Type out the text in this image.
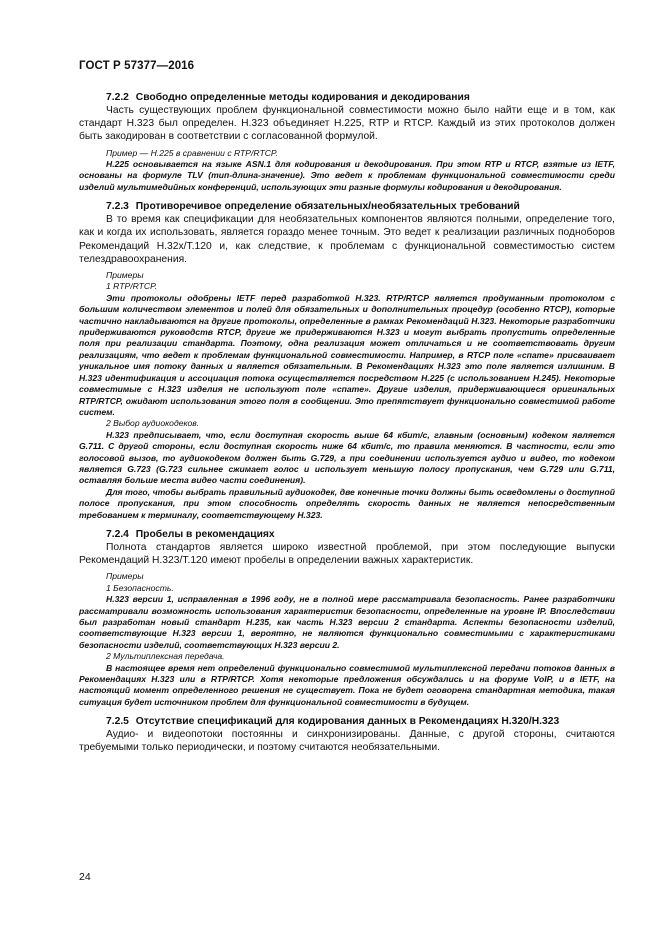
ГОСТ Р 57377—2016
7.2.2 Свободно определенные методы кодирования и декодирования

Часть существующих проблем функциональной совместимости можно было найти еще и в том, как стандарт H.323 был определен. H.323 объединяет H.225, RTP и RTCP. Каждый из этих протоколов должен быть закодирован в соответствии с согласованной формулой.

Пример — H.225 в сравнении с RTP/RTCP.

H.225 основывается на языке ASN.1 для кодирования и декодирования. При этом RTP и RTCP, взятые из IETF, основаны на формуле TLV (тип-длина-значение). Это ведет к проблемам функциональной совместимости среди изделий мультимедийных конференций, использующих эти разные формулы кодирования и декодирования.

7.2.3 Противоречивое определение обязательных/необязательных требований

В то время как спецификации для необязательных компонентов являются полными, определение того, как и когда их использовать, является гораздо менее точным. Это ведет к реализации различных подноборов Рекомендаций H.32x/T.120 и, как следствие, к проблемам с функциональной совместимостью систем телездравоохранения.

Примеры

1 RTP/RTCP.

Эти протоколы одобрены IETF перед разработкой H.323. RTP/RTCP является продуманным протоколом с большим количеством элементов и полей для обязательных и дополнительных процедур (особенно RTCP), которые частично накладываются на другие протоколы, определенные в рамках Рекомендаций H.323. Некоторые разработчики придерживаются руководств RTCP, другие же придерживаются H.323 и могут выбрать пропустить определенные поля при реализации стандарта. Поэтому, одна реализация может отличаться и не соответствовать другим реализациям, что ведет к проблемам функциональной совместимости. Например, в RTCP поле «спате» присваивает уникальное имя потоку данных и является обязательным. В Рекомендациях H.323 это поле является излишним. В H.323 идентификация и ассоциация потока осуществляется посредством H.225 (с использованием H.245). Некоторые совместимые с H.323 изделия не используют поле «спате». Другие изделия, придерживающиеся оригинальных RTP/RTCP, ожидают использования этого поля в сообщении. Это препятствует функционально совместимой работе систем.

2 Выбор аудиокодеков.

H.323 предписывает, что, если доступная скорость выше 64 кбит/с, главным (основным) кодеком является G.711. С другой стороны, если доступная скорость ниже 64 кбит/с, то правила меняются. В частности, если это голосовой вызов, то аудиокодеком должен быть G.729, а при соединении используется аудио и видео, то кодеком является G.723 (G.723 сильнее сжимает голос и использует меньшую полосу пропускания, чем G.729 или G.711, оставляя больше места видео части соединения).

Для того, чтобы выбрать правильный аудиокодек, две конечные точки должны быть осведомлены о доступной полосе пропускания, при этом способность определять скорость данных не является непосредственным требованием к терминалу, соответствующему H.323.

7.2.4 Пробелы в рекомендациях

Полнота стандартов является широко известной проблемой, при этом последующие выпуски Рекомендаций H.323/T.120 имеют пробелы в определении важных характеристик.

Примеры

1 Безопасность.

H.323 версии 1, исправленная в 1996 году, не в полной мере рассматривала безопасность. Ранее разработчики рассматривали возможность использования характеристик безопасности, определенные на уровне IP. Впоследствии был разработан новый стандарт H.235, как часть H.323 версии 2 стандарта. Аспекты безопасности изделий, соответствующие H.323 версии 1, вероятно, не являются функционально совместимыми с характеристиками безопасности изделий, соответствующих H.323 версии 2.

2 Мультиплексная передача.

В настоящее время нет определений функционально совместимой мультиплексной передачи потоков данных в Рекомендациях H.323 или в RTP/RTCP. Хотя некоторые предложения обсуждались и на форуме VoIP, и в IETF, на настоящий момент определенного решения не существует. Пока не будет оговорена стандартная методика, такая ситуация будет источником проблем для функциональной совместимости в будущем.

7.2.5 Отсутствие спецификаций для кодирования данных в Рекомендациях H.320/H.323

Аудио- и видеопотоки постоянны и синхронизированы. Данные, с другой стороны, считаются требуемыми только периодически, и поэтому считаются необязательными.

24
